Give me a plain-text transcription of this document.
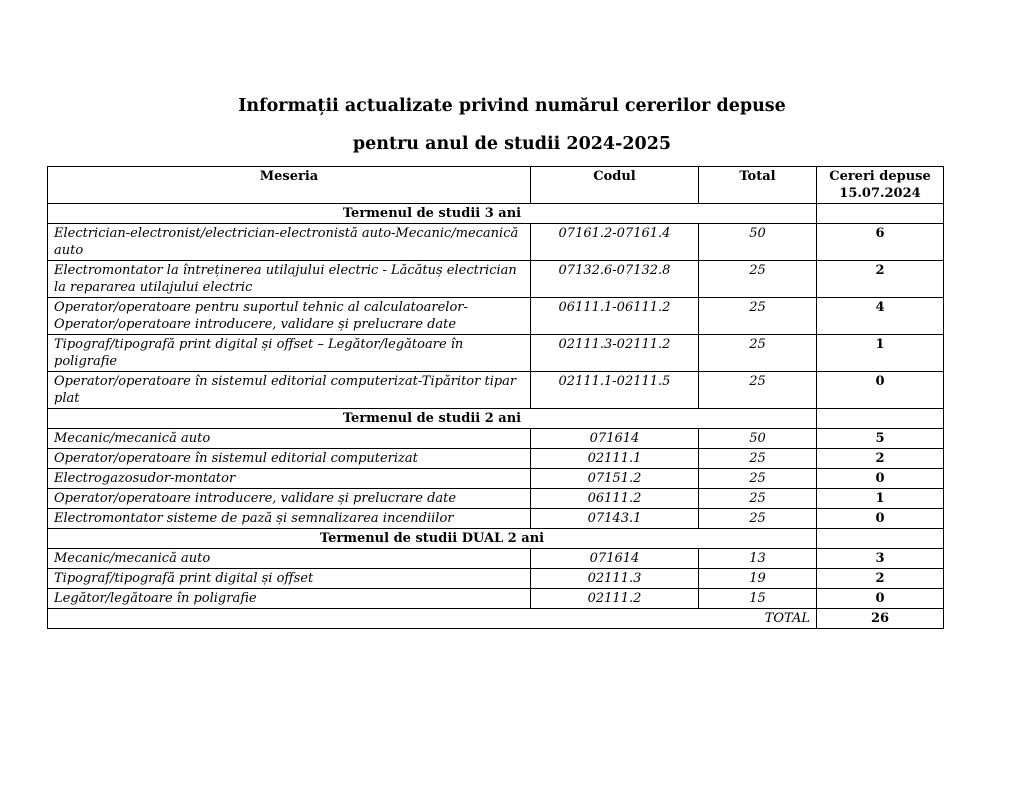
Informații actualizate privind numărul cererilor depuse
pentru anul de studii 2024-2025
Meseria	Codul	Total	Cereri depuse
15.07.2024
Termenul de studii 3 ani			
Electrician-electronist/electrician-electronistă auto-Mecanic/mecanică auto	07161.2-07161.4	50	6
Electromontator la întreținerea utilajului electric - Lăcătuș electrician la repararea utilajului electric	07132.6-07132.8	25	2
Operator/operatoare pentru suportul tehnic al calculatoarelor-Operator/operatoare introducere, validare și prelucrare date	06111.1-06111.2	25	4
Tipograf/tipografă print digital și offset – Legător/legătoare în poligrafie	02111.3-02111.2	25	1
Operator/operatoare în sistemul editorial computerizat-Tipăritor tipar plat	02111.1-02111.5	25	0
Termenul de studii 2 ani			
Mecanic/mecanică auto	071614	50	5
Operator/operatoare în sistemul editorial computerizat	02111.1	25	2
Electrogazosudor-montator	07151.2	25	0
Operator/operatoare introducere, validare și prelucrare date	06111.2	25	1
Electromontator sisteme de pază și semnalizarea incendiilor	07143.1	25	0
Termenul de studii DUAL 2 ani			
Mecanic/mecanică auto	071614	13	3
Tipograf/tipografă print digital și offset	02111.3	19	2
Legător/legătoare în poligrafie	02111.2	15	0
TOTAL			26
